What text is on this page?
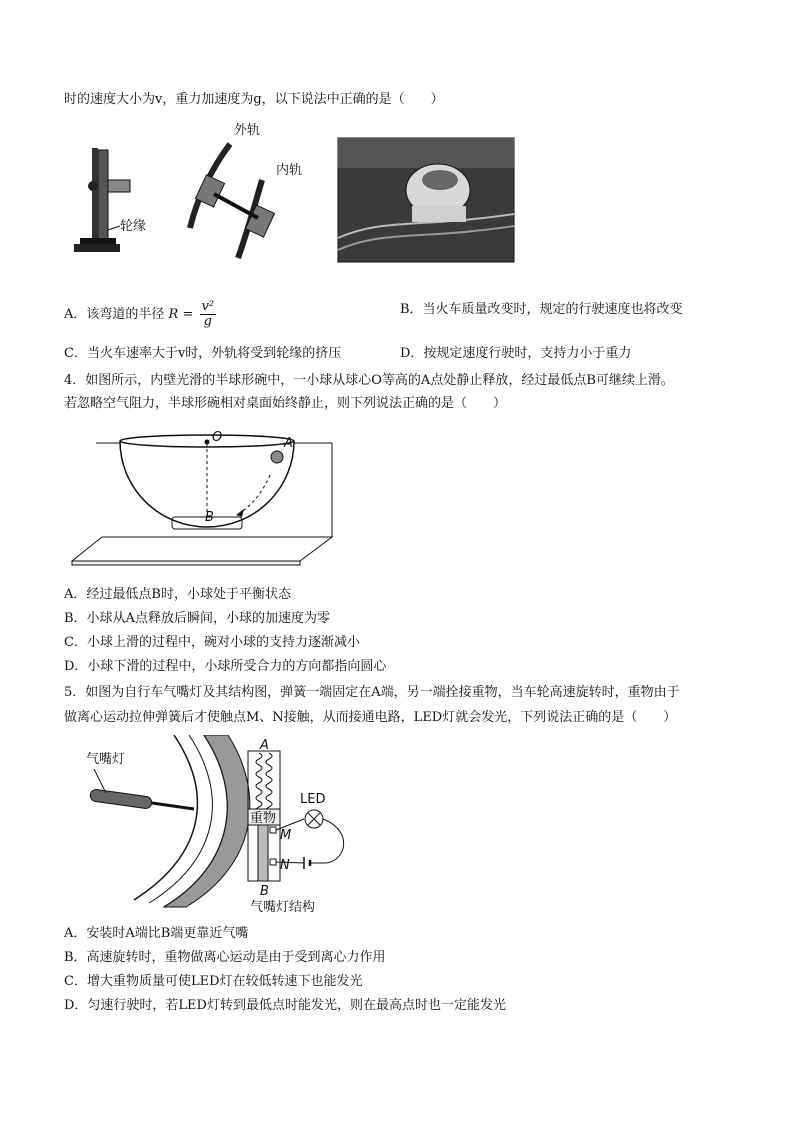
时的速度大小为v，重力加速度为g，以下说法中正确的是（　　）
轮缘
外轨
内轨
A．该弯道的半径 $R = \frac{\text{v²}}{g}$	B．当火车质量改变时，规定的行驶速度也将改变
C．当火车速率大于v时，外轨将受到轮缘的挤压	D．按规定速度行驶时，支持力小于重力
4．如图所示，内壁光滑的半球形碗中，一小球从球心O等高的A点处静止释放，经过最低点B可继续上滑。
若忽略空气阻力，半球形碗相对桌面始终静止，则下列说法正确的是（　　）
O	A
B
A．经过最低点B时，小球处于平衡状态
B．小球从A点释放后瞬间，小球的加速度为零
C．小球上滑的过程中，碗对小球的支持力逐渐减小
D．小球下滑的过程中，小球所受合力的方向都指向圆心
5．如图为自行车气嘴灯及其结构图，弹簧一端固定在A端，另一端拴接重物，当车轮高速旋转时，重物由于
做离心运动拉伸弹簧后才使触点M、N接触，从而接通电路，LED灯就会发光，下列说法正确的是（　　）
气嘴灯
A
重物
LED
M
N
B
气嘴灯结构
A．安装时A端比B端更靠近气嘴
B．高速旋转时，重物做离心运动是由于受到离心力作用
C．增大重物质量可使LED灯在较低转速下也能发光
D．匀速行驶时，若LED灯转到最低点时能发光，则在最高点时也一定能发光
